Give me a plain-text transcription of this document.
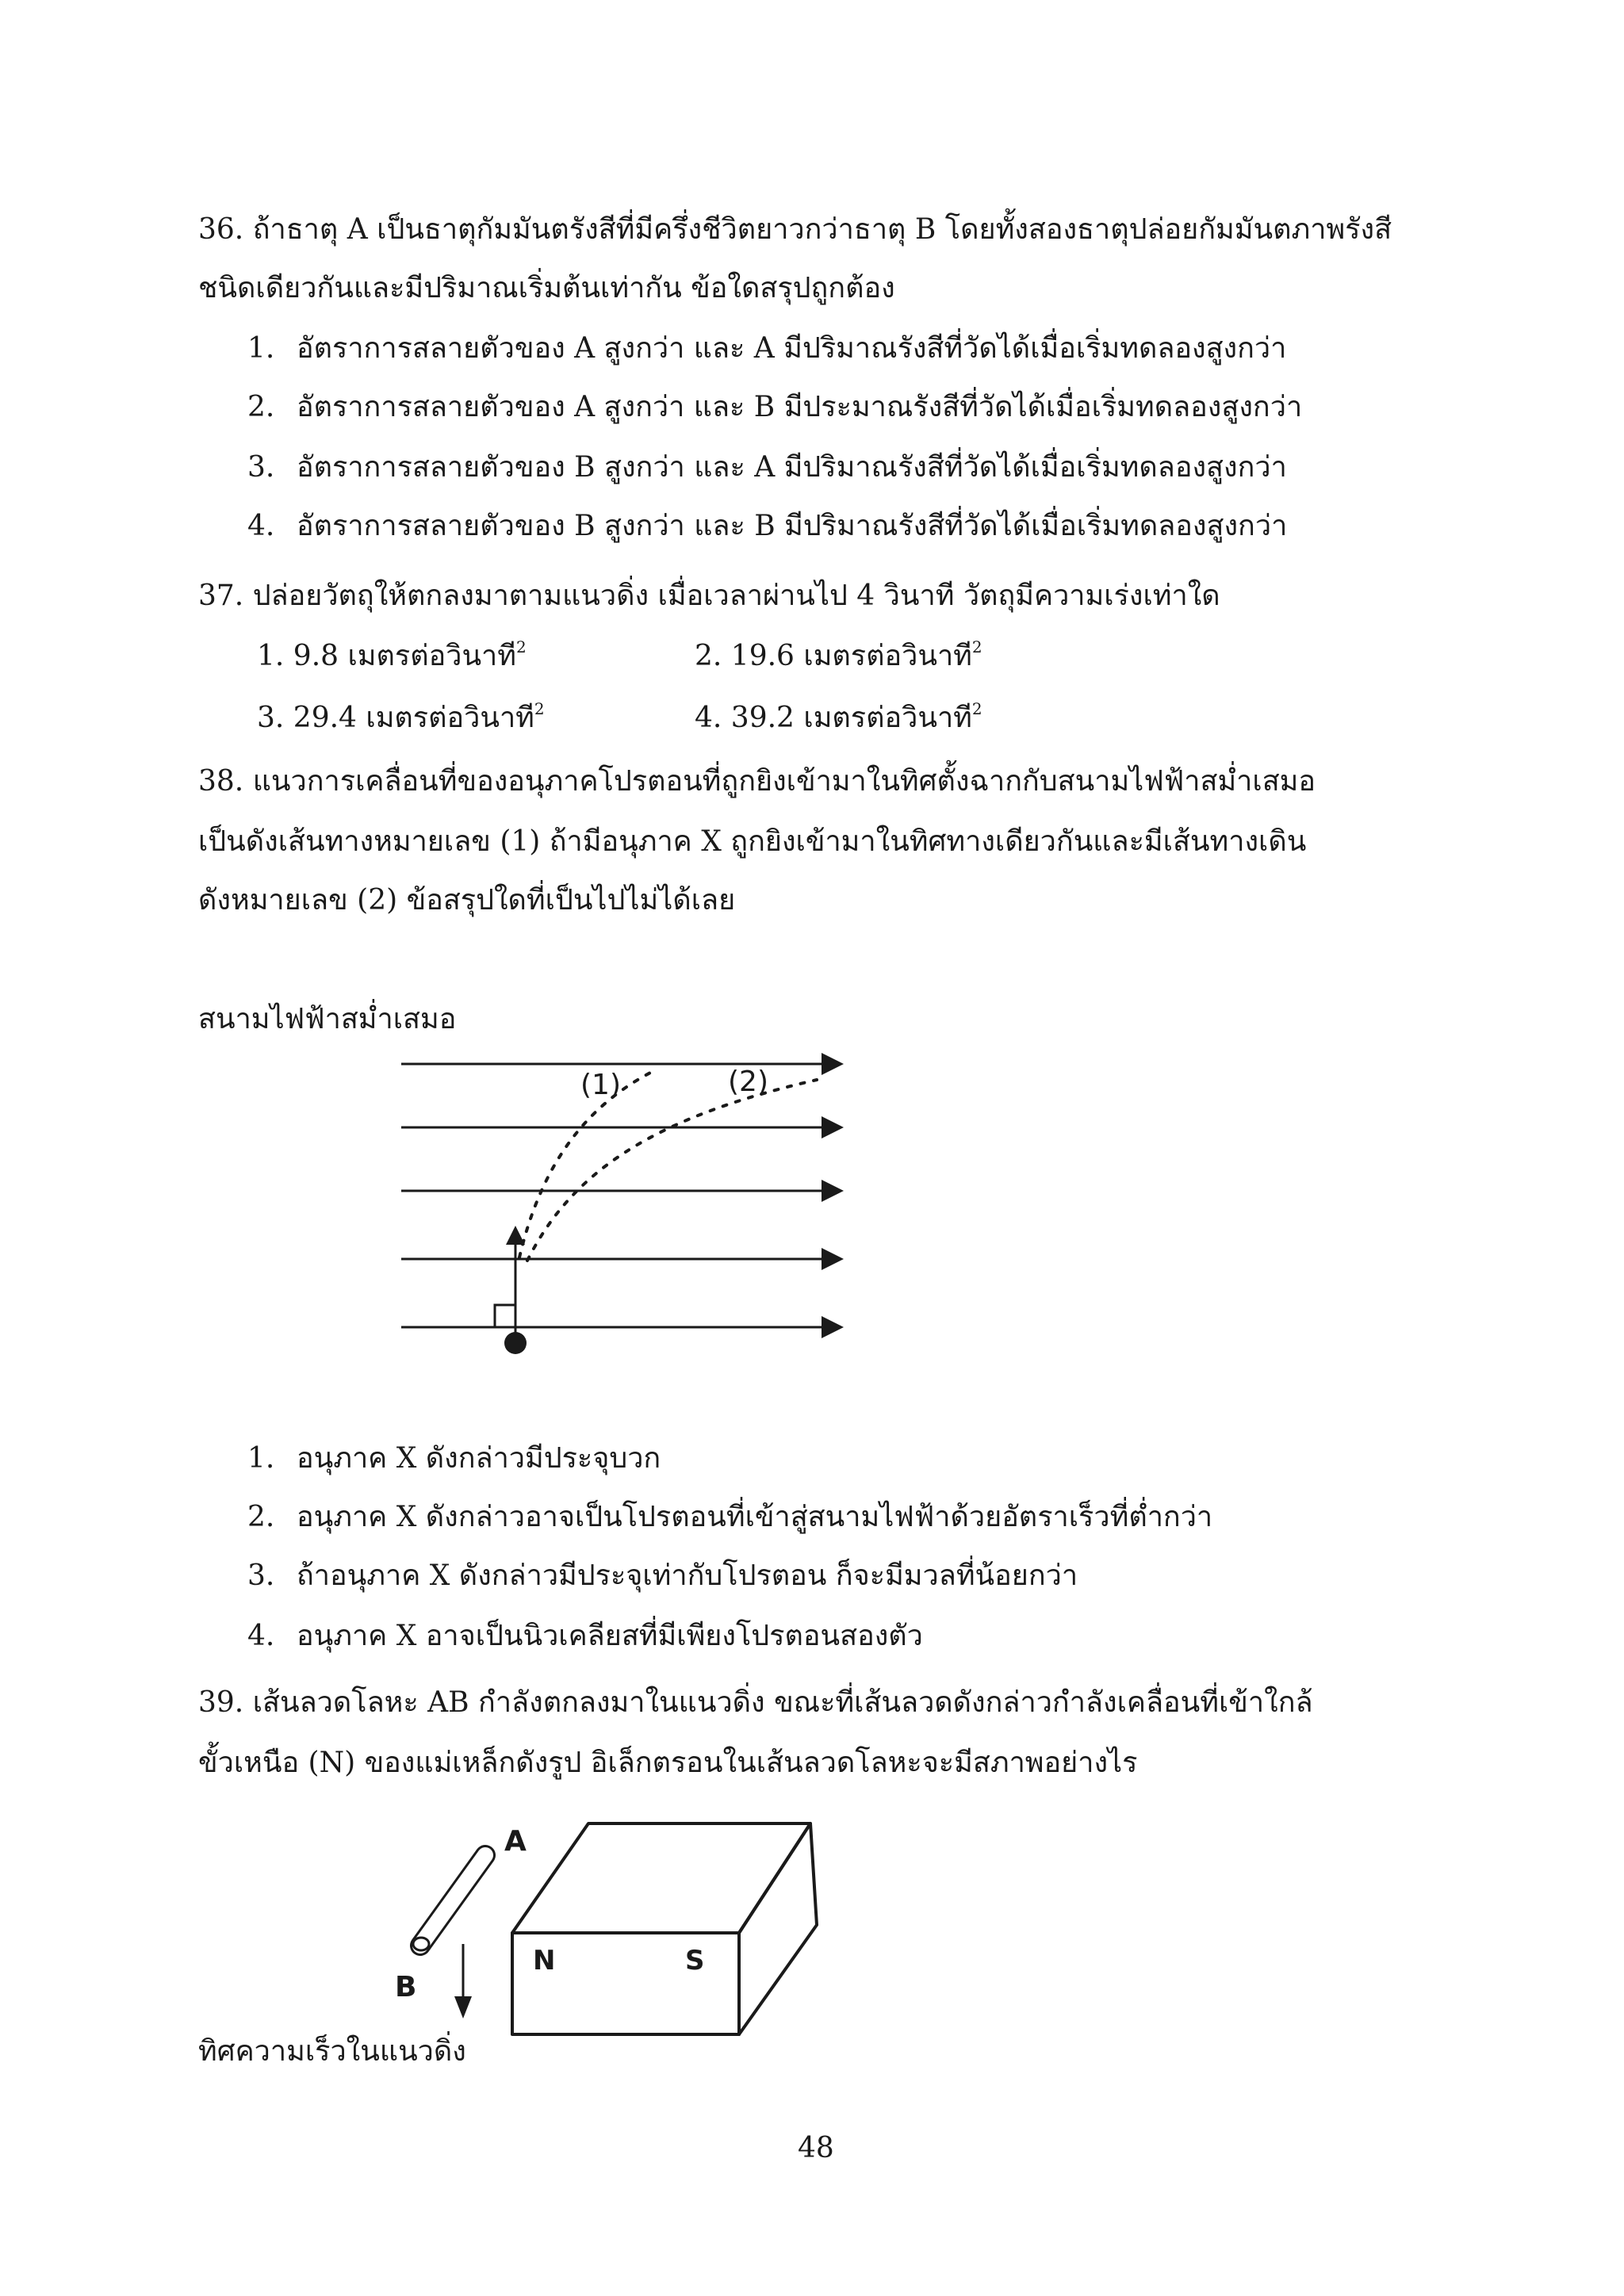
36. ถ้าธาตุ A เป็นธาตุกัมมันตรังสีที่มีครึ่งชีวิตยาวกว่าธาตุ B โดยทั้งสองธาตุปล่อยกัมมันตภาพรังสี
ชนิดเดียวกันและมีปริมาณเริ่มต้นเท่ากัน ข้อใดสรุปถูกต้อง
1. อัตราการสลายตัวของ A สูงกว่า และ A มีปริมาณรังสีที่วัดได้เมื่อเริ่มทดลองสูงกว่า
2. อัตราการสลายตัวของ A สูงกว่า และ B มีประมาณรังสีที่วัดได้เมื่อเริ่มทดลองสูงกว่า
3. อัตราการสลายตัวของ B สูงกว่า และ A มีปริมาณรังสีที่วัดได้เมื่อเริ่มทดลองสูงกว่า
4. อัตราการสลายตัวของ B สูงกว่า และ B มีปริมาณรังสีที่วัดได้เมื่อเริ่มทดลองสูงกว่า
37. ปล่อยวัตถุให้ตกลงมาตามแนวดิ่ง เมื่อเวลาผ่านไป 4 วินาที วัตถุมีความเร่งเท่าใด
1. 9.8 เมตรต่อวินาที$^2$	2. 19.6 เมตรต่อวินาที$^2$
3. 29.4 เมตรต่อวินาที$^2$	4. 39.2 เมตรต่อวินาที$^2$
38. แนวการเคลื่อนที่ของอนุภาคโปรตอนที่ถูกยิงเข้ามาในทิศตั้งฉากกับสนามไฟฟ้าสม่ำเสมอ
เป็นดังเส้นทางหมายเลข (1) ถ้ามีอนุภาค X ถูกยิงเข้ามาในทิศทางเดียวกันและมีเส้นทางเดิน
ดังหมายเลข (2) ข้อสรุปใดที่เป็นไปไม่ได้เลย
สนามไฟฟ้าสม่ำเสมอ
(1)	(2)
1. อนุภาค X ดังกล่าวมีประจุบวก
2. อนุภาค X ดังกล่าวอาจเป็นโปรตอนที่เข้าสู่สนามไฟฟ้าด้วยอัตราเร็วที่ต่ำกว่า
3. ถ้าอนุภาค X ดังกล่าวมีประจุเท่ากับโปรตอน ก็จะมีมวลที่น้อยกว่า
4. อนุภาค X อาจเป็นนิวเคลียสที่มีเพียงโปรตอนสองตัว
39. เส้นลวดโลหะ AB กำลังตกลงมาในแนวดิ่ง ขณะที่เส้นลวดดังกล่าวกำลังเคลื่อนที่เข้าใกล้
ขั้วเหนือ (N) ของแม่เหล็กดังรูป อิเล็กตรอนในเส้นลวดโลหะจะมีสภาพอย่างไร
A
B
N	S
ทิศความเร็วในแนวดิ่ง
48
